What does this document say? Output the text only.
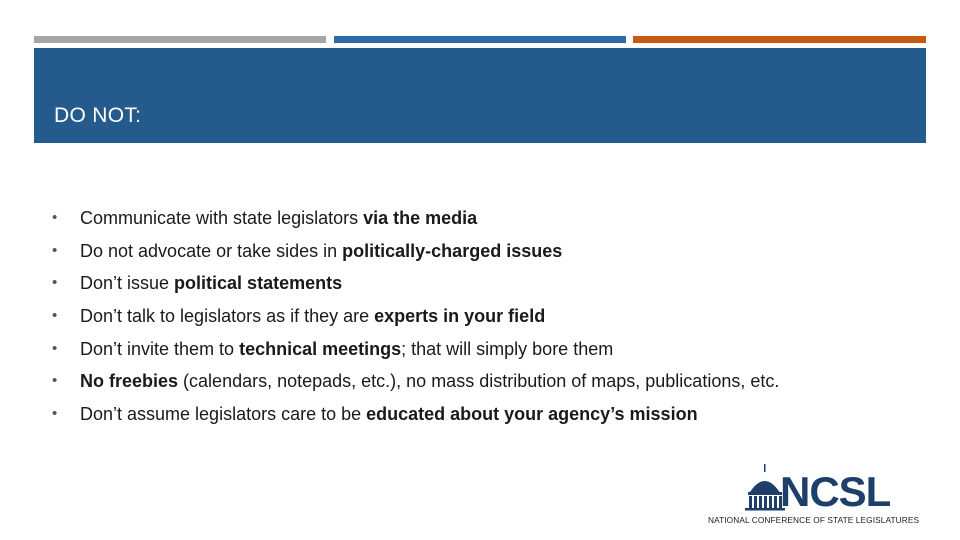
DO NOT:
•	Communicate with state legislators via the media
•	Do not advocate or take sides in politically-charged issues
•	Don’t issue political statements
•	Don’t talk to legislators as if they are experts in your field
•	Don’t invite them to technical meetings; that will simply bore them
•	No freebies (calendars, notepads, etc.), no mass distribution of maps, publications, etc.
•	Don’t assume legislators care to be educated about your agency’s mission
NCSL
NATIONAL CONFERENCE OF STATE LEGISLATURES
